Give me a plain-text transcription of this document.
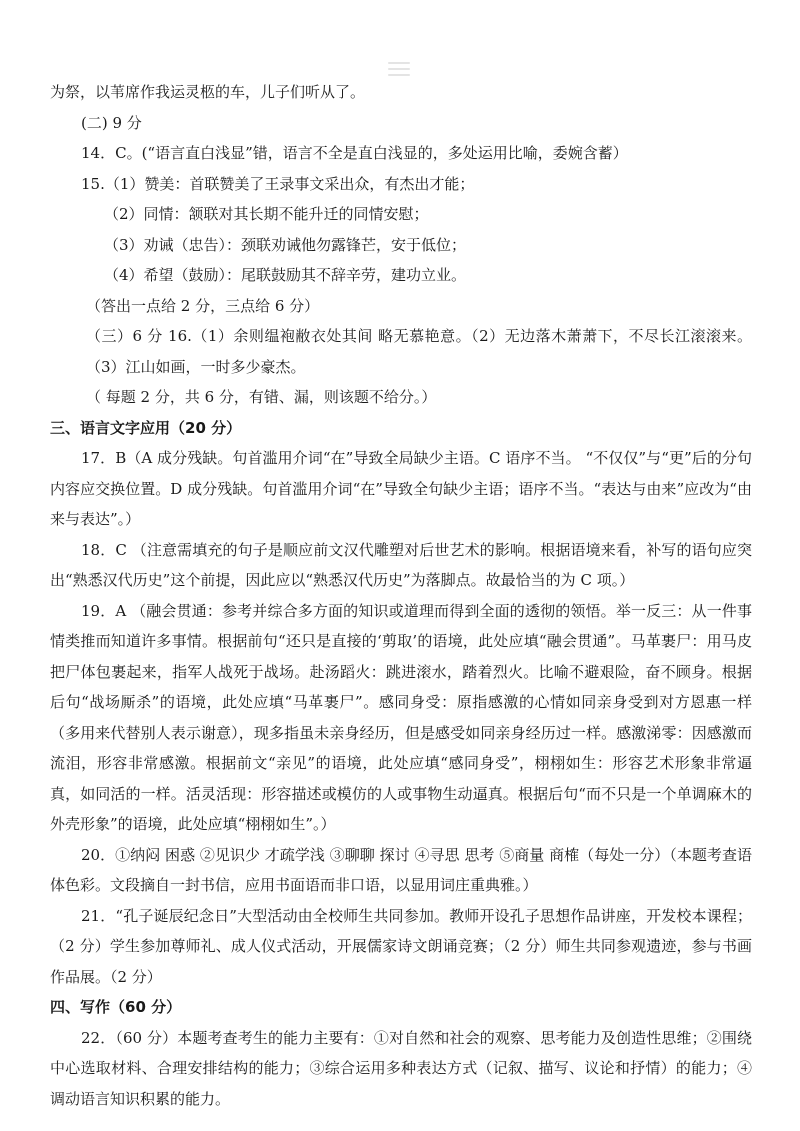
为祭，以苇席作我运灵柩的车，儿子们听从了。

(二) 9 分

14．C。(“语言直白浅显”错，语言不全是直白浅显的，多处运用比喻，委婉含蓄）

15.（1）赞美：首联赞美了王录事文采出众，有杰出才能；

（2）同情：颔联对其长期不能升迁的同情安慰；

（3）劝诫（忠告）：颈联劝诫他勿露锋芒，安于低位；

（4）希望（鼓励）：尾联鼓励其不辞辛劳，建功立业。

（答出一点给 2 分，三点给 6 分）

（三）6 分 16.（1）余则缊袍敝衣处其间 略无慕艳意。（2）无边落木萧萧下，不尽长江滚滚来。（3）江山如画，一时多少豪杰。

（ 每题 2 分，共 6 分，有错、漏，则该题不给分。）

三、语言文字应用（20 分）

17．B（A 成分残缺。句首滥用介词“在”导致全局缺少主语。C 语序不当。 “不仅仅”与“更”后的分句内容应交换位置。D 成分残缺。句首滥用介词“在”导致全句缺少主语；语序不当。“表达与由来”应改为“由来与表达”。）

18．C （注意需填充的句子是顺应前文汉代雕塑对后世艺术的影响。根据语境来看，补写的语句应突出“熟悉汉代历史”这个前提，因此应以“熟悉汉代历史”为落脚点。故最恰当的为 C 项。）

19．A （融会贯通：参考并综合多方面的知识或道理而得到全面的透彻的领悟。举一反三：从一件事情类推而知道许多事情。根据前句“还只是直接的‘剪取’的语境，此处应填“融会贯通”。马革裹尸：用马皮把尸体包裹起来，指军人战死于战场。赴汤蹈火：跳进滚水，踏着烈火。比喻不避艰险，奋不顾身。根据后句“战场厮杀”的语境，此处应填“马革裹尸”。感同身受：原指感激的心情如同亲身受到对方恩惠一样（多用来代替别人表示谢意），现多指虽未亲身经历，但是感受如同亲身经历过一样。感激涕零：因感激而流泪，形容非常感激。根据前文“亲见”的语境，此处应填“感同身受”，栩栩如生：形容艺术形象非常逼真，如同活的一样。活灵活现：形容描述或模仿的人或事物生动逼真。根据后句“而不只是一个单调麻木的外壳形象”的语境，此处应填“栩栩如生”。）

20．①纳闷 困惑 ②见识少 才疏学浅 ③聊聊 探讨 ④寻思 思考 ⑤商量 商榷（每处一分）（本题考查语体色彩。文段摘自一封书信，应用书面语而非口语，以显用词庄重典雅。）

21．“孔子诞辰纪念日”大型活动由全校师生共同参加。教师开设孔子思想作品讲座，开发校本课程；（2 分）学生参加尊师礼、成人仪式活动，开展儒家诗文朗诵竞赛；（2 分）师生共同参观遗迹，参与书画作品展。（2 分）

四、写作（60 分）

22．（60 分）本题考查考生的能力主要有：①对自然和社会的观察、思考能力及创造性思维；②围绕中心选取材料、合理安排结构的能力；③综合运用多种表达方式（记叙、描写、议论和抒情）的能力；④调动语言知识积累的能力。
